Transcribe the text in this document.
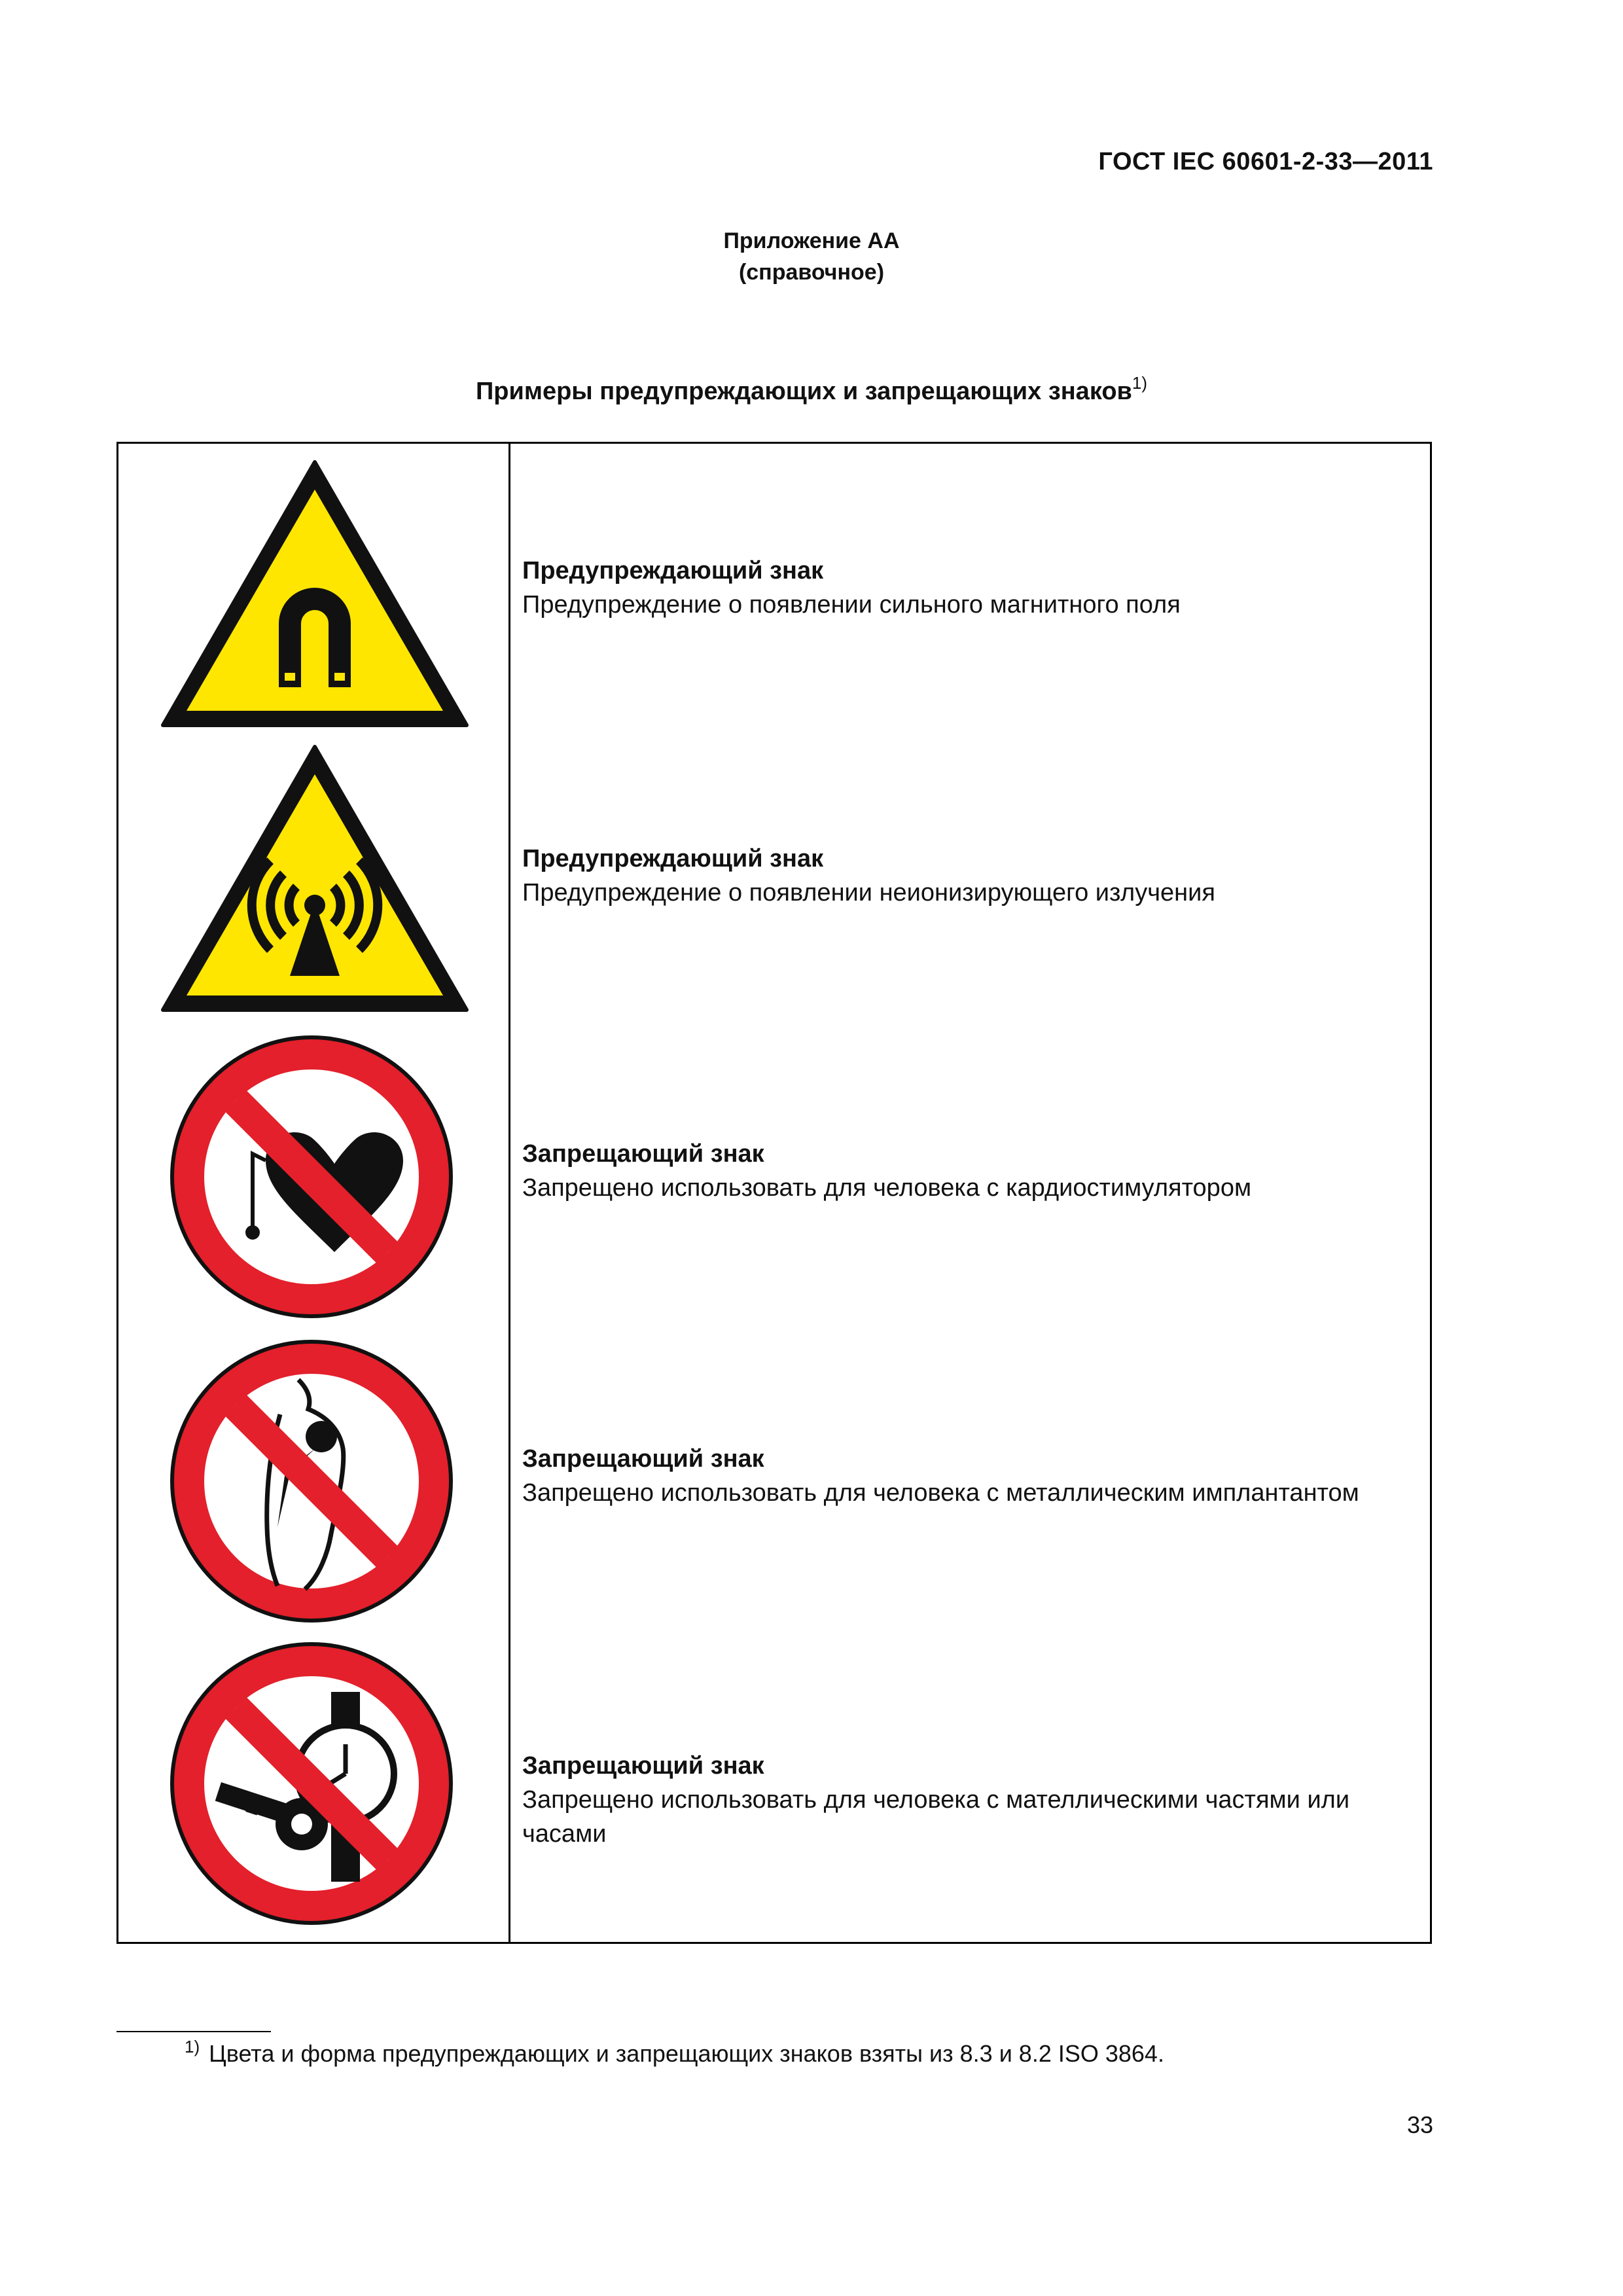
ГОСТ IEC 60601-2-33—2011
Приложение АА
(справочное)
Примеры предупреждающих и запрещающих знаков$^{1)}$
Предупреждающий знак
Предупреждение о появлении сильного магнитного поля
Предупреждающий знак
Предупреждение о появлении неионизирующего излучения
Запрещающий знак
Запрещено использовать для человека с кардиостимулятором
Запрещающий знак
Запрещено использовать для человека с металлическим имплантантом
Запрещающий знак
Запрещено использовать для человека с мателлическими частями или часами
$^{1)}$ Цвета и форма предупреждающих и запрещающих знаков взяты из 8.3 и 8.2 ISO 3864.
33
